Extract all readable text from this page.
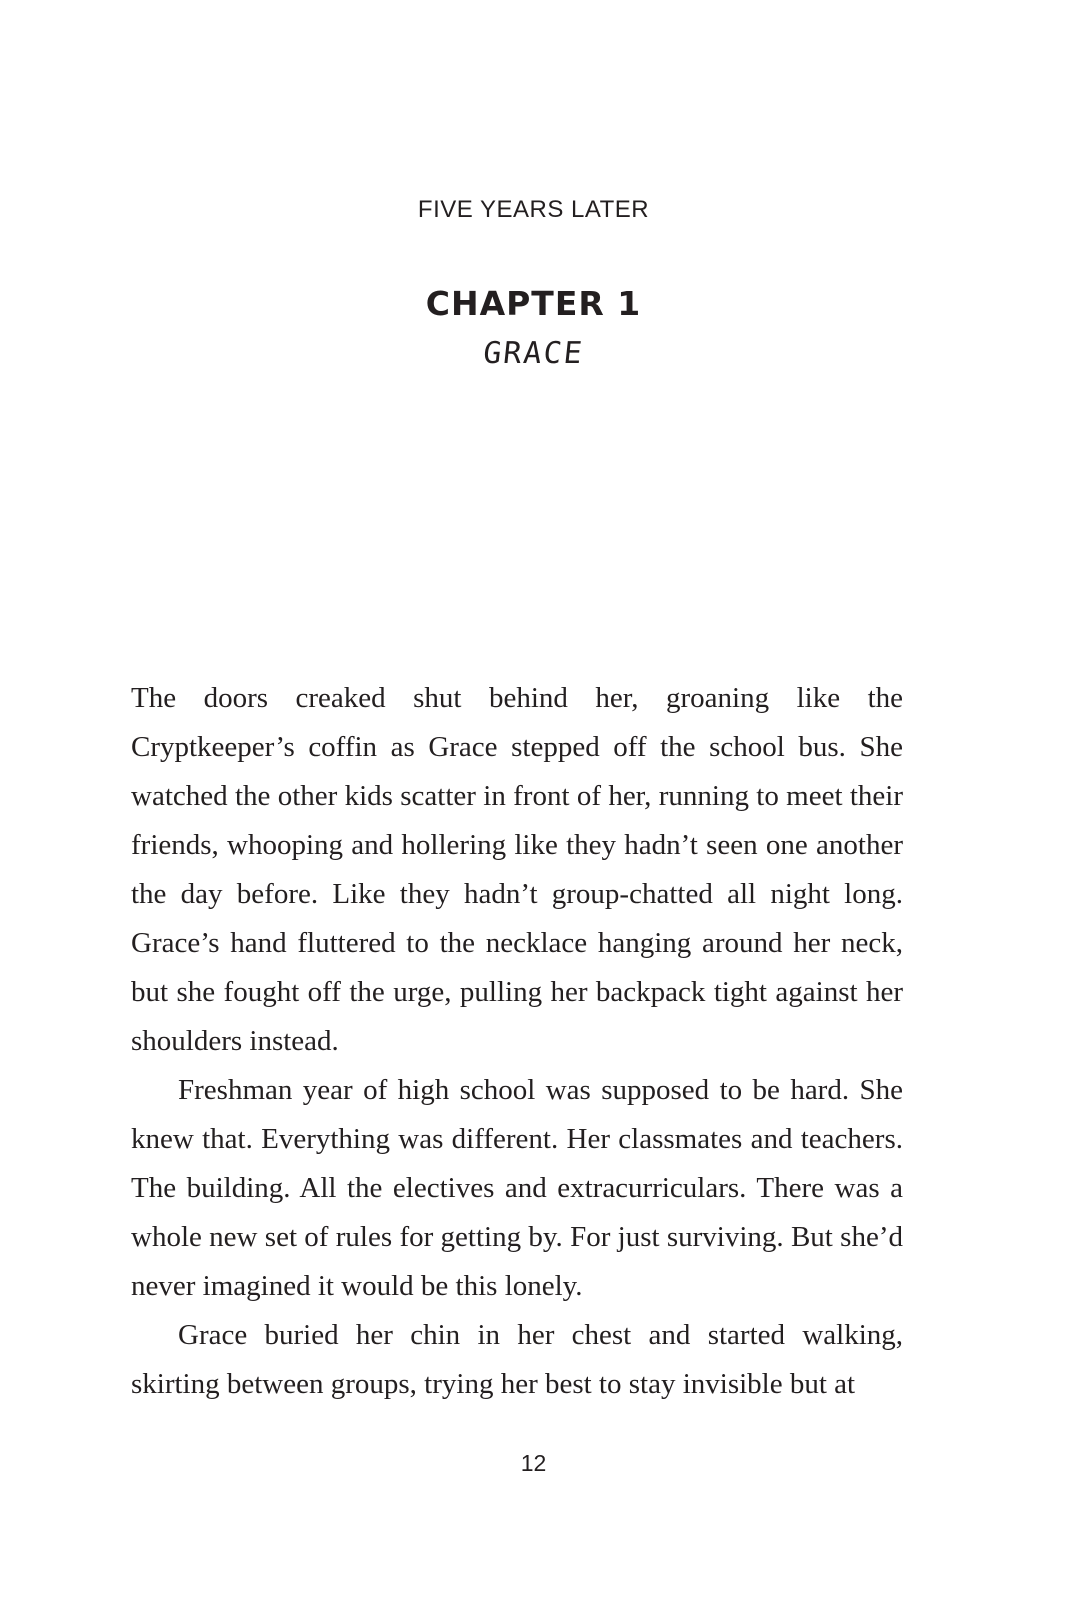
FIVE YEARS LATER
CHAPTER 1
GRACE

The doors creaked shut behind her, groaning like the Cryptkeeper’s coffin as Grace stepped off the school bus. She watched the other kids scatter in front of her, running to meet their friends, whooping and hollering like they hadn’t seen one another the day before. Like they hadn’t group-chatted all night long. Grace’s hand fluttered to the necklace hanging around her neck, but she fought off the urge, pulling her backpack tight against her shoulders instead.

Freshman year of high school was supposed to be hard. She knew that. Everything was different. Her classmates and teachers. The building. All the electives and extracurriculars. There was a whole new set of rules for getting by. For just surviving. But she’d never imagined it would be this lonely.

Grace buried her chin in her chest and started walking, skirting between groups, trying her best to stay invisible but at

12
